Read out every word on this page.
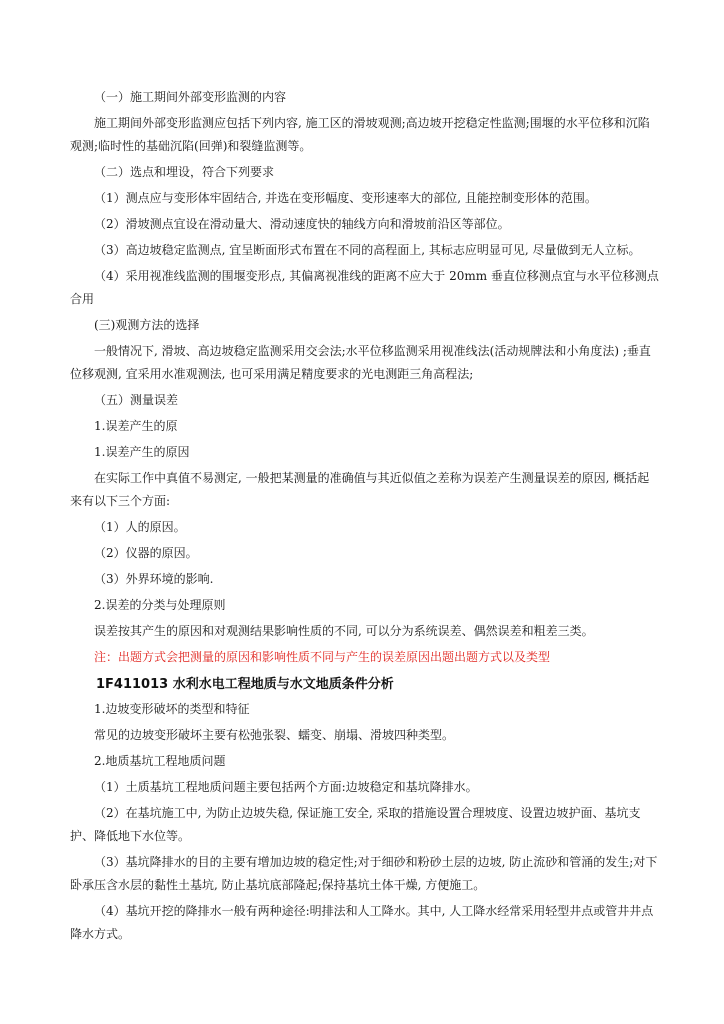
（一）施工期间外部变形监测的内容

施工期间外部变形监测应包括下列内容, 施工区的滑坡观测;高边坡开挖稳定性监测;围堰的水平位移和沉陷观测;临时性的基础沉陷(回弹)和裂缝监测等。

（二）选点和埋设，符合下列要求

（1）测点应与变形体牢固结合, 并选在变形幅度、变形速率大的部位, 且能控制变形体的范围。

（2）滑坡测点宜设在滑动量大、滑动速度快的轴线方向和滑坡前沿区等部位。

（3）高边坡稳定监测点, 宜呈断面形式布置在不同的高程面上, 其标志应明显可见, 尽量做到无人立标。

（4）采用视准线监测的围堰变形点, 其偏离视准线的距离不应大于 20mm 垂直位移测点宜与水平位移测点合用

(三)观测方法的选择

一般情况下, 滑坡、高边坡稳定监测采用交会法;水平位移监测采用视准线法(活动规牌法和小角度法) ;垂直位移观测, 宜采用水准观测法, 也可采用满足精度要求的光电测距三角高程法;

（五）测量误差

1.误差产生的原

1.误差产生的原因

在实际工作中真值不易测定, 一般把某测量的准确值与其近似值之差称为误差产生测量误差的原因, 概括起来有以下三个方面:

（1）人的原因。

（2）仪器的原因。

（3）外界环境的影响.

2.误差的分类与处理原则

误差按其产生的原因和对观测结果影响性质的不同, 可以分为系统误差、偶然误差和粗差三类。

注：出题方式会把测量的原因和影响性质不同与产生的误差原因出题出题方式以及类型

1F411013 水利水电工程地质与水文地质条件分析

1.边坡变形破坏的类型和特征

常见的边坡变形破坏主要有松弛张裂、蠕变、崩塌、滑坡四种类型。

2.地质基坑工程地质问题

（1）土质基坑工程地质问题主要包括两个方面:边坡稳定和基坑降排水。

（2）在基坑施工中, 为防止边坡失稳, 保证施工安全, 采取的措施设置合理坡度、设置边坡护面、基坑支护、降低地下水位等。

（3）基坑降排水的目的主要有增加边坡的稳定性;对于细砂和粉砂土层的边坡, 防止流砂和管涌的发生;对下卧承压含水层的黏性土基坑, 防止基坑底部隆起;保持基坑土体干燥, 方便施工。

（4）基坑开挖的降排水一般有两种途径:明排法和人工降水。其中, 人工降水经常采用轻型井点或管井井点降水方式。
